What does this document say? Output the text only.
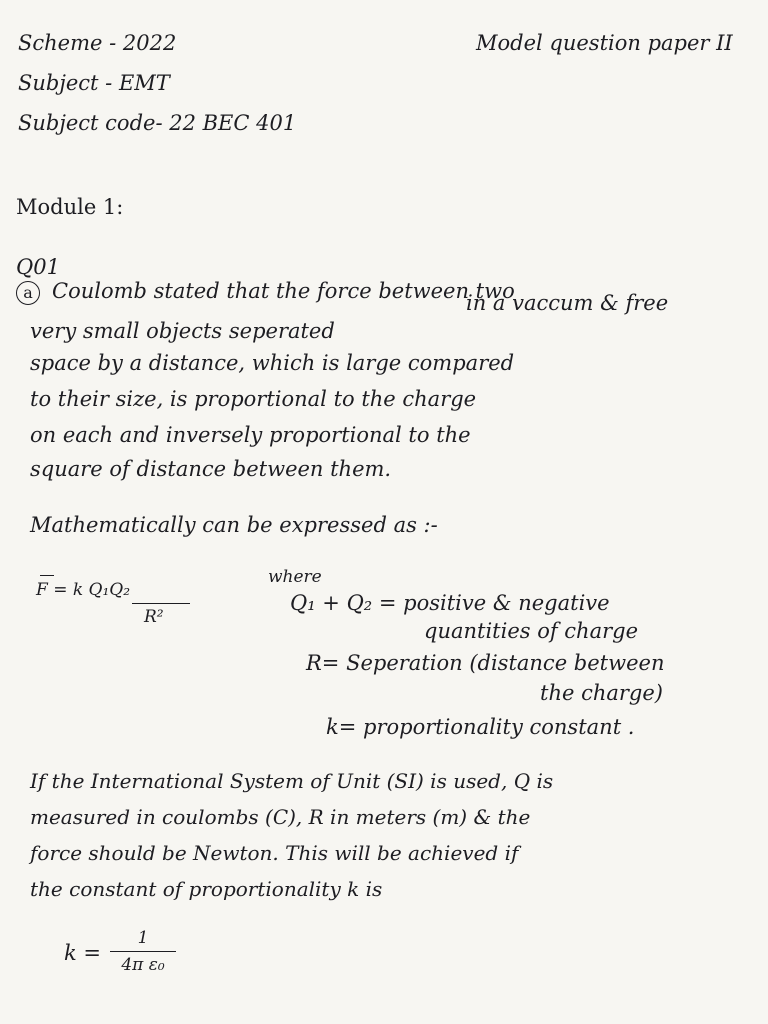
Scheme - 2022	Model question paper II
Subject - EMT
Subject code- 22 BEC 401
Module 1:
Q01
a Coulomb stated that the force between two
in a vaccum & free
very small objects seperated
space by a distance, which is large compared
to their size, is proportional to the charge
on each and inversely proportional to the
square of distance between them.
Mathematically can be expressed as :-
F = k Q₁Q₂
R²
where
Q₁ + Q₂ = positive & negative
quantities of charge
R= Seperation (distance between
the charge)
k= proportionality constant .
If the International System of Unit (SI) is used, Q is
measured in coulombs (C), R in meters (m) & the
force should be Newton. This will be achieved if
the constant of proportionality k is
k =
1
4π ε₀
